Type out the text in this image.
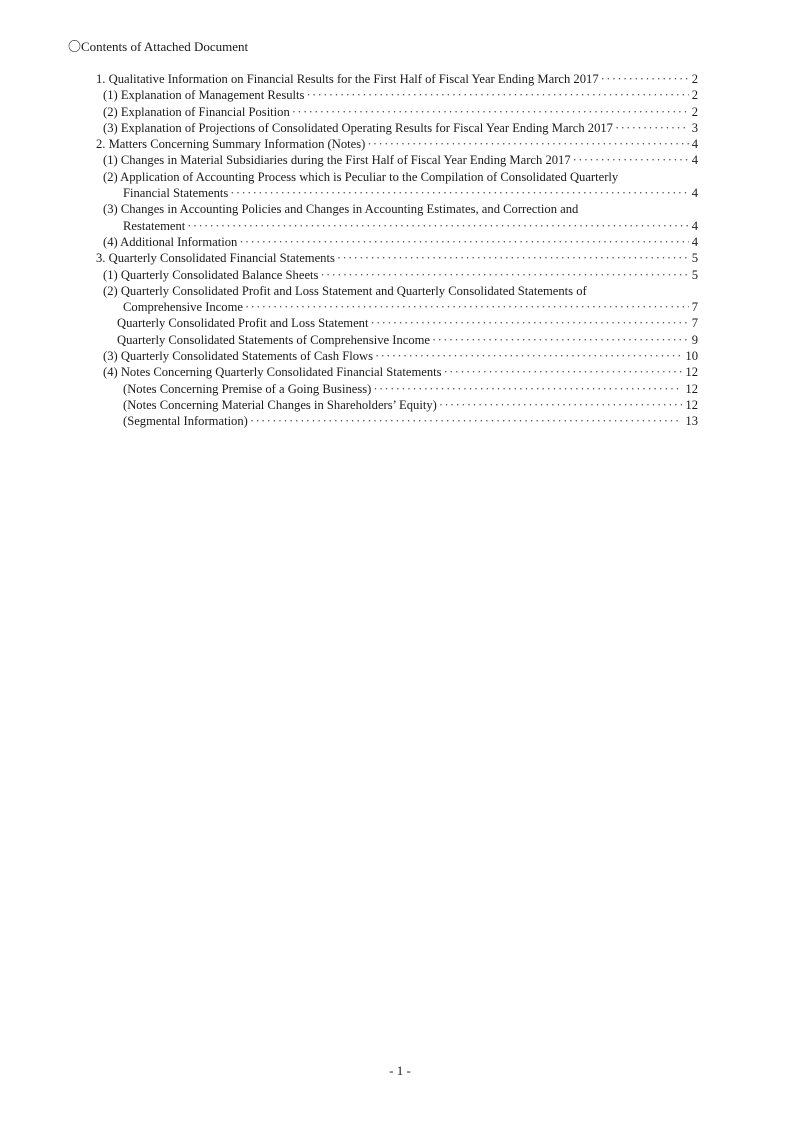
〇Contents of Attached Document
1. Qualitative Information on Financial Results for the First Half of Fiscal Year Ending March 2017 ·····	2
(1) Explanation of Management Results ·····	2
(2) Explanation of Financial Position ·····	2
(3) Explanation of Projections of Consolidated Operating Results for Fiscal Year Ending March 2017 ·····	3
2. Matters Concerning Summary Information (Notes) ·····	4
(1) Changes in Material Subsidiaries during the First Half of Fiscal Year Ending March 2017 ·····	4
(2) Application of Accounting Process which is Peculiar to the Compilation of Consolidated Quarterly
Financial Statements ·····	4
(3) Changes in Accounting Policies and Changes in Accounting Estimates, and Correction and
Restatement ·····	4
(4) Additional Information ·····	4
3. Quarterly Consolidated Financial Statements ·····	5
(1) Quarterly Consolidated Balance Sheets ·····	5
(2) Quarterly Consolidated Profit and Loss Statement and Quarterly Consolidated Statements of
Comprehensive Income ·····	7
Quarterly Consolidated Profit and Loss Statement ·····	7
Quarterly Consolidated Statements of Comprehensive Income ·····	9
(3) Quarterly Consolidated Statements of Cash Flows ·····	10
(4) Notes Concerning Quarterly Consolidated Financial Statements ·····	12
(Notes Concerning Premise of a Going Business) ·····	12
(Notes Concerning Material Changes in Shareholders’ Equity) ·····	12
(Segmental Information) ·····	13
- 1 -
